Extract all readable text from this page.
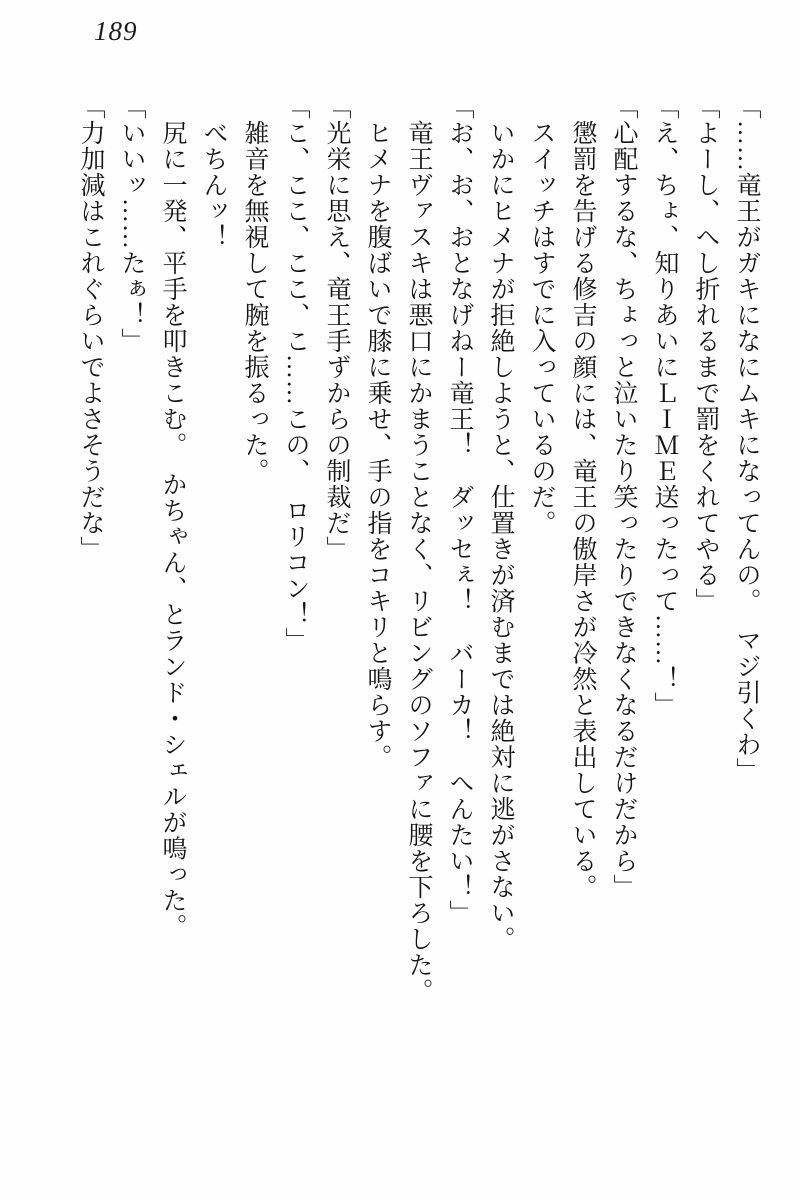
189

「……竜王がガキになにムキになってんの。　マジ引くわ」

「よーし、へし折れるまで罰をくれてやる」

「え、ちょ、知りあいにＬＩＭＥ送ったって……！」

「心配するな、ちょっと泣いたり笑ったりできなくなるだけだから」

　懲罰を告げる修吉の顔には、竜王の傲岸さが冷然と表出している。

　スイッチはすでに入っているのだ。

　いかにヒメナが拒絶しようと、仕置きが済むまでは絶対に逃がさない。

「お、お、おとなげねー竜王！　ダッセぇ！　バーカ！　へんたい！」

　竜王ヴァスキは悪口にかまうことなく、リビングのソファに腰を下ろした。

　ヒメナを腹ばいで膝に乗せ、手の指をコキリと鳴らす。

「光栄に思え、竜王手ずからの制裁だ」

「こ、ここ、ここ、こ……この、　ロリコン！」

　雑音を無視して腕を振るった。

　べちんッ！

　尻に一発、平手を叩きこむ。　かちゃん、とランド・シェルが鳴った。

「いいッ……たぁ！」

「力加減はこれぐらいでよさそうだな」
